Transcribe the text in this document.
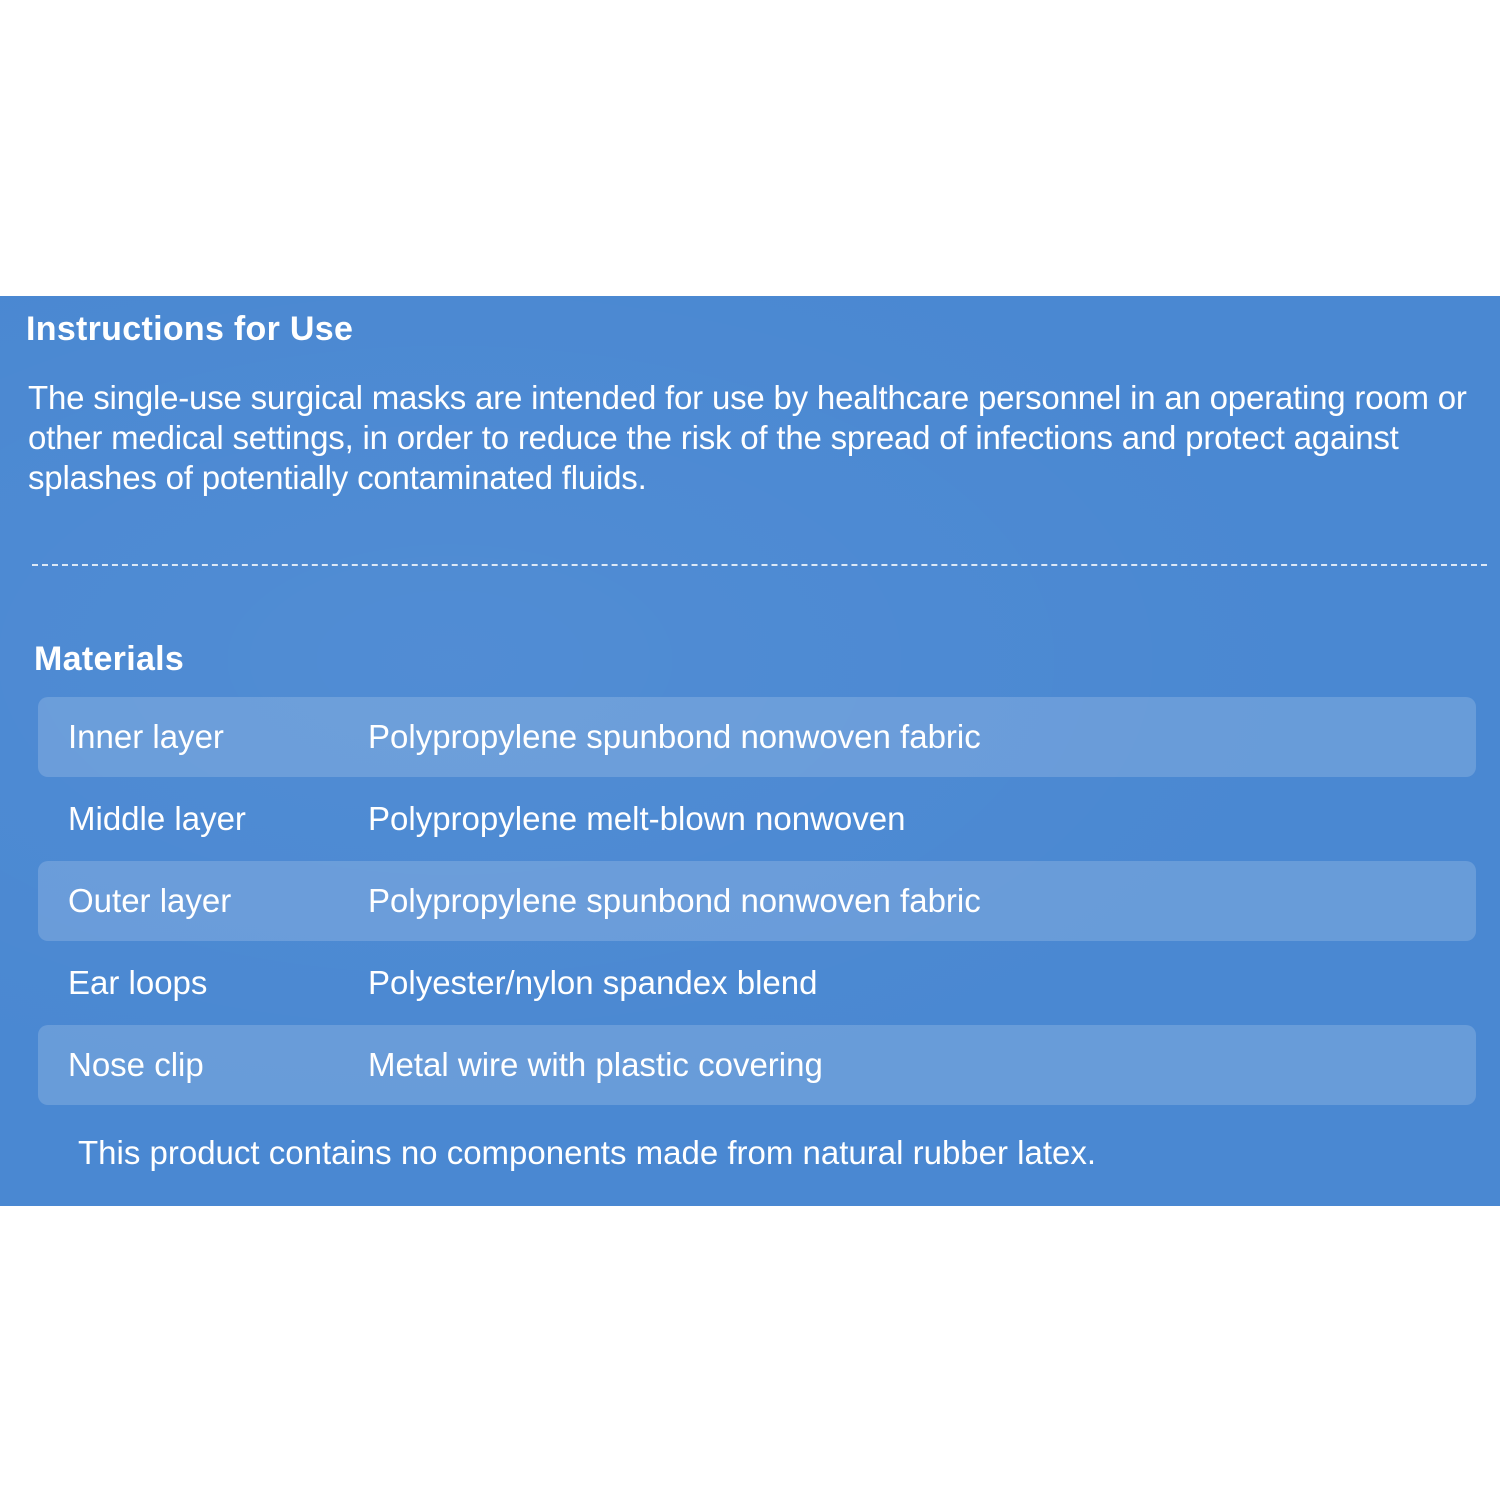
Instructions for Use
The single-use surgical masks are intended for use by healthcare personnel in an operating room or other medical settings, in order to reduce the risk of the spread of infections and protect against splashes of potentially contaminated fluids.
Materials
Inner layer	Polypropylene spunbond nonwoven fabric
Middle layer	Polypropylene melt-blown nonwoven
Outer layer	Polypropylene spunbond nonwoven fabric
Ear loops	Polyester/nylon spandex blend
Nose clip	Metal wire with plastic covering
This product contains no components made from natural rubber latex.
